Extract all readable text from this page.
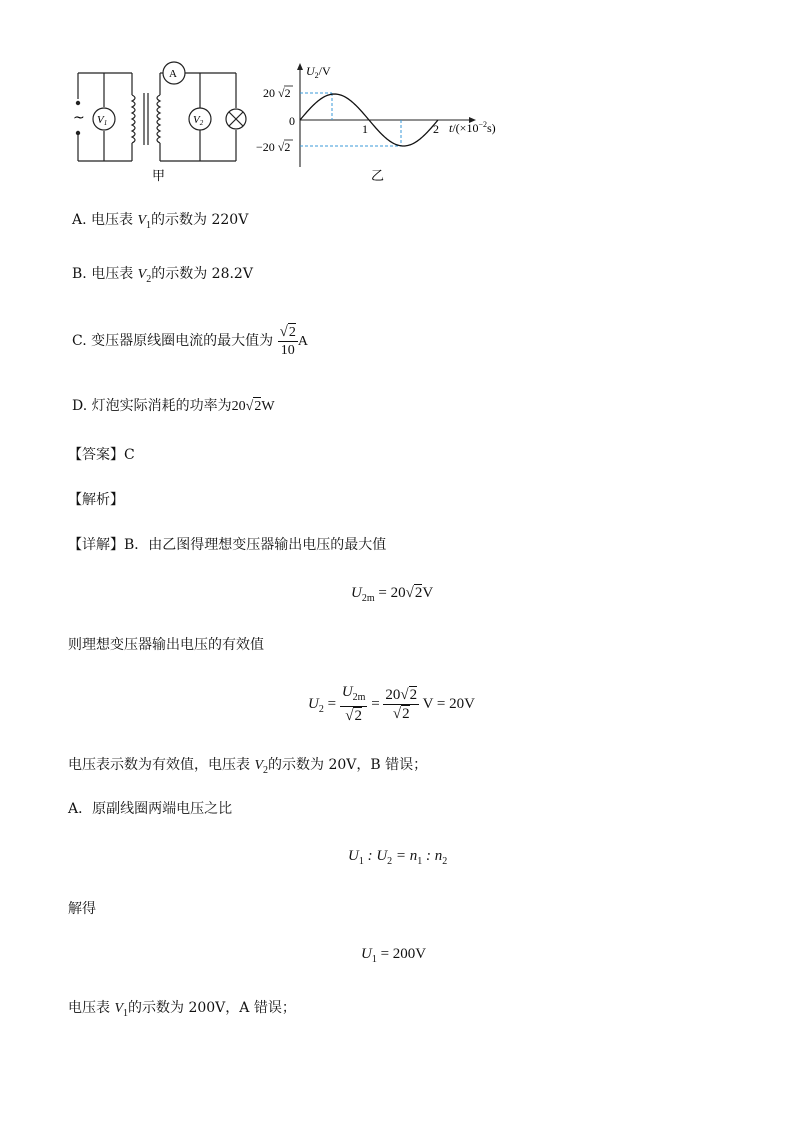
~ V1
A
V2
甲
$U_2/V$
20 √2
−20 √2
0
1	2 $t/(\times 10^{-2}s)$
乙
A. 电压表 $V_1$的示数为 220V
B. 电压表 $V_2$的示数为 28.2V
C. 变压器原线圈电流的最大值为 $\frac{√2}{10}$ A
D. 灯泡实际消耗的功率为20√2W
【答案】C
【解析】
【详解】B．由乙图得理想变压器输出电压的最大值
$U_{2m} = 20√2V$
则理想变压器输出电压的有效值
$U_2 = \frac{U_{2m}}{√2} = \frac{20√2}{√2}$ V = 20V
电压表示数为有效值，电压表 $V_2$的示数为 20V，B 错误；
A．原副线圈两端电压之比
$U_1$ : $U_2 = n_1$ : $n_2$
解得
$U_1 = 200V$
电压表 $V_1$的示数为 200V，A 错误；
